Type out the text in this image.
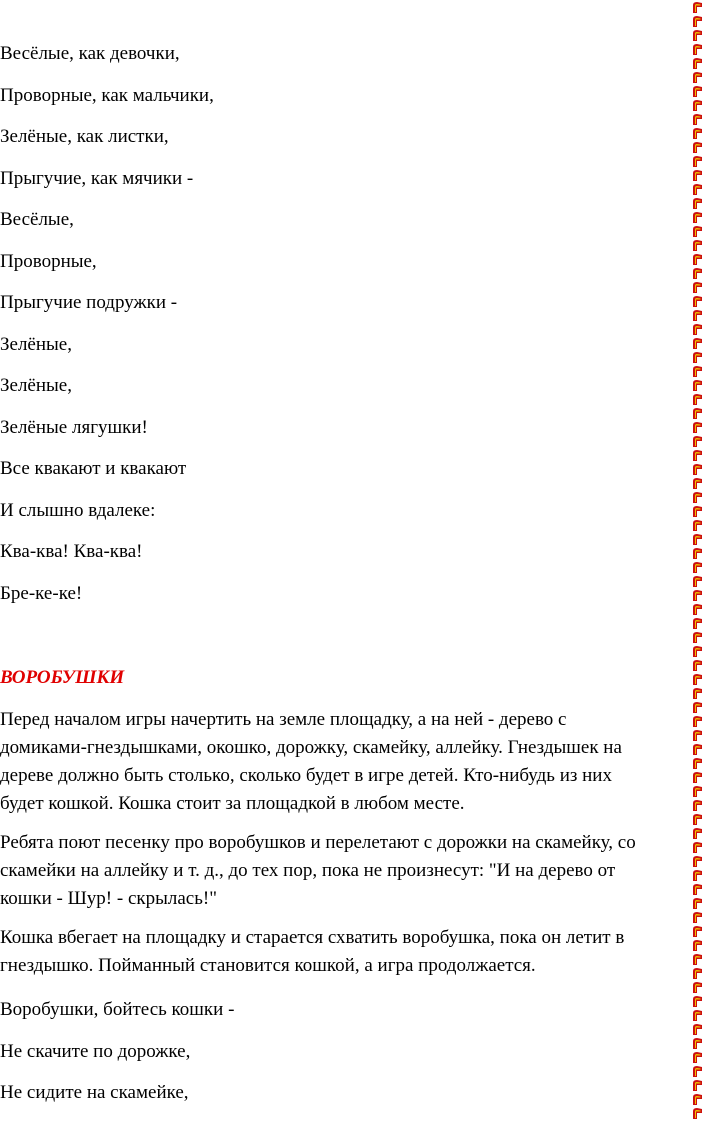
Весёлые, как девочки,
Проворные, как мальчики,
Зелёные, как листки,
Прыгучие, как мячики -
Весёлые,
Проворные,
Прыгучие подружки -
Зелёные,
Зелёные,
Зелёные лягушки!
Все квакают и квакают
И слышно вдалеке:
Ква-ква! Ква-ква!
Бре-ке-ке!
ВОРОБУШКИ

Перед началом игры начертить на земле площадку, а на ней - дерево с
домиками-гнездышками, окошко, дорожку, скамейку, аллейку. Гнездышек на
дереве должно быть столько, сколько будет в игре детей. Кто-нибудь из них
будет кошкой. Кошка стоит за площадкой в любом месте.

Ребята поют песенку про воробушков и перелетают с дорожки на скамейку, со
скамейки на аллейку и т. д., до тех пор, пока не произнесут: "И на дерево от
кошки - Шур! - скрылась!"

Кошка вбегает на площадку и старается схватить воробушка, пока он летит в
гнездышко. Пойманный становится кошкой, а игра продолжается.

Воробушки, бойтесь кошки -
Не скачите по дорожке,
Не сидите на скамейке,
